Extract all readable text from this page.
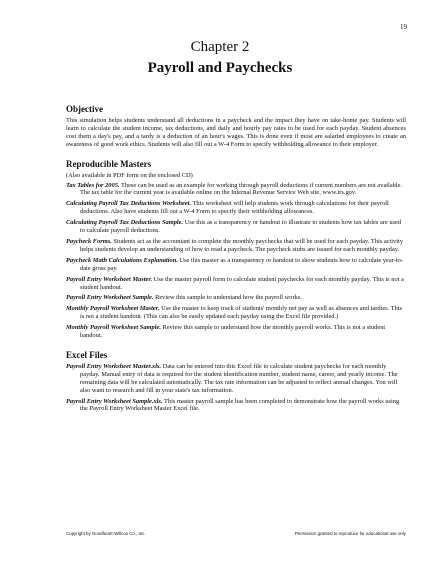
19
Chapter 2
Payroll and Paychecks
Objective

This simulation helps students understand all deductions in a paycheck and the impact they have on take-home pay. Students will learn to calculate the student income, tax deductions, and daily and hourly pay rates to be used for each payday. Student absences cost them a day's pay, and a tardy is a deduction of an hour's wages. This is done even if most are salaried employees to create an awareness of good work ethics. Students will also fill out a W-4 Form to specify withholding allowance to their employer.

Reproducible Masters

(Also available in PDF form on the enclosed CD)

Tax Tables for 2005. These can be used as an example for working through payroll deductions if current numbers are not available. The tax table for the current year is available online on the Internal Revenue Service Web site, www.irs.gov.

Calculating Payroll Tax Deductions Worksheet. This worksheet will help students work through calculations for their payroll deductions. Also have students fill out a W-4 Form to specify their withholding allowances.

Calculating Payroll Tax Deductions Sample. Use this as a transparency or handout to illustrate to students how tax tables are used to calculate payroll deductions.

Paycheck Forms. Students act as the accountant to complete the monthly paychecks that will be used for each payday. This activity helps students develop an understanding of how to read a paycheck. The paycheck stubs are issued for each monthly payday.

Paycheck Math Calculations Explanation. Use this master as a transparency or handout to show students how to calculate year-to-date gross pay.

Payroll Entry Worksheet Master. Use the master payroll form to calculate student paychecks for each monthly payday. This is not a student handout.

Payroll Entry Worksheet Sample. Review this sample to understand how the payroll works.

Monthly Payroll Worksheet Master. Use the master to keep track of students' monthly net pay as well as absences and tardies. This is not a student handout. (This can also be easily updated each payday using the Excel file provided.)

Monthly Payroll Worksheet Sample. Review this sample to understand how the monthly payroll works. This is not a student handout.

Excel Files

Payroll Entry Worksheet Master.xls. Data can be entered into this Excel file to calculate student paychecks for each monthly payday. Manual entry of data is required for the student identification number, student name, career, and yearly income. The remaining data will be calculated automatically. The tax rate information can be adjusted to reflect annual changes. You will also want to research and fill in your state's tax information.

Payroll Entry Worksheet Sample.xls. This master payroll sample has been completed to demonstrate how the payroll works using the Payroll Entry Worksheet Master Excel file.

Copyright by Goodheart-Willcox Co., Inc.	Permission granted to reproduce for educational use only
